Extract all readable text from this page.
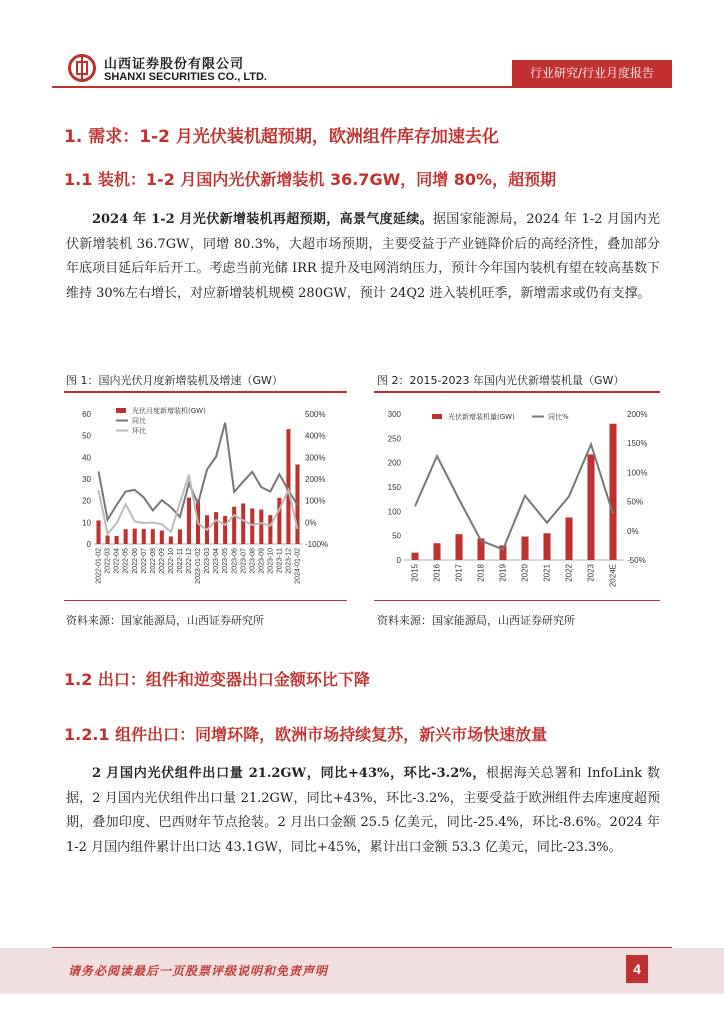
山西证券股份有限公司
SHANXI SECURITIES CO., LTD.	行业研究/行业月度报告
1. 需求：1-2 月光伏装机超预期，欧洲组件库存加速去化
1.1 装机：1-2 月国内光伏新增装机 36.7GW，同增 80%，超预期
2024 年 1-2 月光伏新增装机再超预期，高景气度延续。据国家能源局，2024 年 1-2 月国内光伏新增装机 36.7GW，同增 80.3%，大超市场预期，主要受益于产业链降价后的高经济性，叠加部分年底项目延后年后开工。考虑当前光储 IRR 提升及电网消纳压力，预计今年国内装机有望在较高基数下维持 30%左右增长，对应新增装机规模 280GW，预计 24Q2 进入装机旺季，新增需求或仍有支撑。
图 1：国内光伏月度新增装机及增速（GW）	图 2：2015-2023 年国内光伏新增装机量（GW）
0
10
20
30
40
50
60
-100%
0%
100%
200%
300%
400%
500%
2022-01-02 2022-03 2022-04 2022-05 2022-06 2022-07 2022-08 2022-09 2022-10 2022-11 2022-12 2023-01-02 2023-03 2023-04 2023-05 2023-06 2023-07 2023-08 2023-09 2023-10 2023-11 2023-12 2024-01-02
光伏月度新增装机(GW)
同比
环比
0
50
100
150
200
250
300
-50%
0%
50%
100%
150%
200%
2015 2016 2017 2018 2019 2020 2021 2022 2023 2024E
光伏新增装机量(GW)	同比%
资料来源：国家能源局，山西证券研究所	资料来源：国家能源局，山西证券研究所
1.2 出口：组件和逆变器出口金额环比下降
1.2.1 组件出口：同增环降，欧洲市场持续复苏，新兴市场快速放量
2 月国内光伏组件出口量 21.2GW，同比+43%，环比-3.2%，根据海关总署和 InfoLink 数据，2 月国内光伏组件出口量 21.2GW，同比+43%，环比-3.2%，主要受益于欧洲组件去库速度超预期，叠加印度、巴西财年节点抢装。2 月出口金额 25.5 亿美元，同比-25.4%，环比-8.6%。2024 年 1-2 月国内组件累计出口达 43.1GW，同比+45%，累计出口金额 53.3 亿美元，同比-23.3%。
请务必阅读最后一页股票评级说明和免责声明	4
